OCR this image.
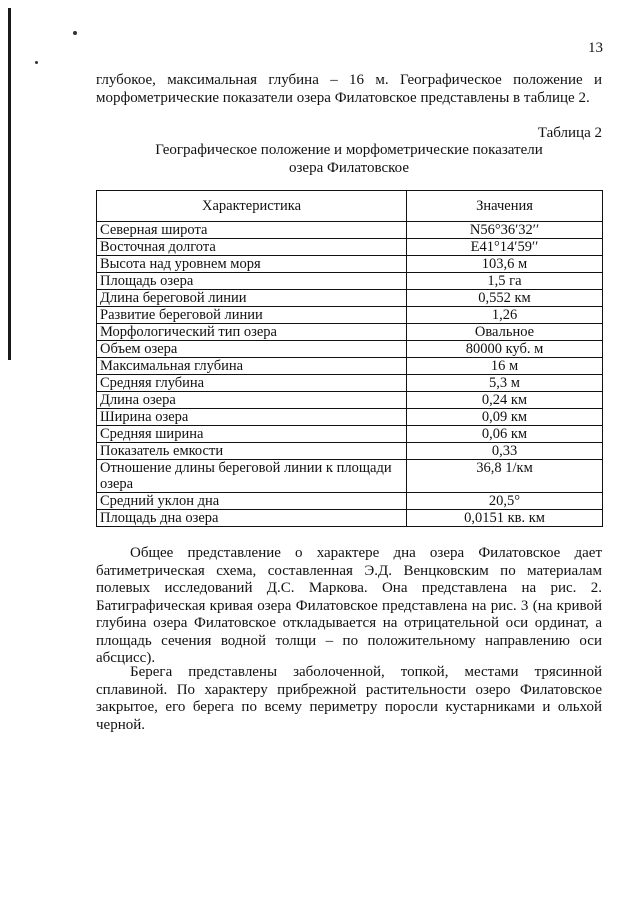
13

глубокое, максимальная глубина – 16 м. Географическое положение и морфометрические показатели озера Филатовское представлены в таблице 2.

Таблица 2
Географическое положение и морфометрические показатели
озера Филатовское
Характеристика	Значения
Северная широта	N56°36′32′′
Восточная долгота	E41°14′59′′
Высота над уровнем моря	103,6 м
Площадь озера	1,5 га
Длина береговой линии	0,552 км
Развитие береговой линии	1,26
Морфологический тип озера	Овальное
Объем озера	80000 куб. м
Максимальная глубина	16 м
Средняя глубина	5,3 м
Длина озера	0,24 км
Ширина озера	0,09 км
Средняя ширина	0,06 км
Показатель емкости	0,33
Отношение длины береговой линии к площади озера	36,8 1/км
Средний уклон дна	20,5°
Площадь дна озера	0,0151 кв. км

Общее представление о характере дна озера Филатовское дает батиметрическая схема, составленная Э.Д. Венцковским по материалам полевых исследований Д.С. Маркова. Она представлена на рис. 2. Батиграфическая кривая озера Филатовское представлена на рис. 3 (на кривой глубина озера Филатовское откладывается на отрицательной оси ординат, а площадь сечения водной толщи – по положительному направлению оси абсцисс).

Берега представлены заболоченной, топкой, местами трясинной сплавиной. По характеру прибрежной растительности озеро Филатовское закрытое, его берега по всему периметру поросли кустарниками и ольхой черной.
